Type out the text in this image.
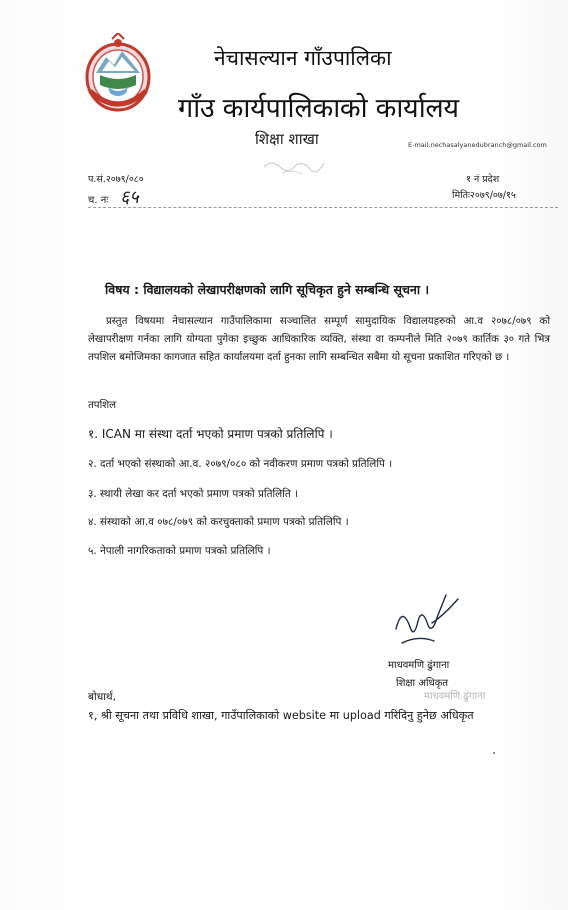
नेचासल्यान गाँउपालिका
गाँउ कार्यपालिकाको कार्यालय
शिक्षा शाखा	E-mail:nechasalyanedubranch@gmail.com
प.सं.२०७९/०८०
च. नः ६५
१ नं प्रदेश
मितिः२०७९/०७/१५
विषय : विद्यालयको लेखापरीक्षणको लागि सूचिकृत हुने सम्बन्धि सूचना ।
प्रस्तुत विषयमा नेचासल्यान गाउँपालिकामा सञ्चालित सम्पूर्ण सामुदायिक विद्यालयहरुको आ.व २०७८/०७९ को लेखापरीक्षण गर्नका लागि योग्यता पुगेका इच्छुक आधिकारिक व्यक्ति, संस्था वा कम्पनीले मिति २०७९ कार्तिक ३० गते भित्र तपशिल बमोजिमका कागजात सहित कार्यालयमा दर्ता हुनका लागि सम्बन्धित सबैमा यो सूचना प्रकाशित गरिएको छ ।
तपशिल
१. ICAN मा संस्था दर्ता भएको प्रमाण पत्रको प्रतिलिपि ।
२. दर्ता भएको संस्थाको आ.व. २०७९/०८० को नवीकरण प्रमाण पत्रको प्रतिलिपि ।
३. स्थायी लेखा कर दर्ता भएको प्रमाण पत्रको प्रतिलिति ।
४. संस्थाको आ.व ०७८/०७९ को करचुक्ताको प्रमाण पत्रको प्रतिलिपि ।
५. नेपाली नागरिकताको प्रमाण पत्रको प्रतिलिपि ।
माधवमणि ढुंगाना
शिक्षा अधिकृत
माधवमणि ढुंगाना
बोधार्थ,
१, श्री सूचना तथा प्रविधि शाखा, गाउँपालिकाको website मा upload गरिदिनु हुनेछ अधिकृत
